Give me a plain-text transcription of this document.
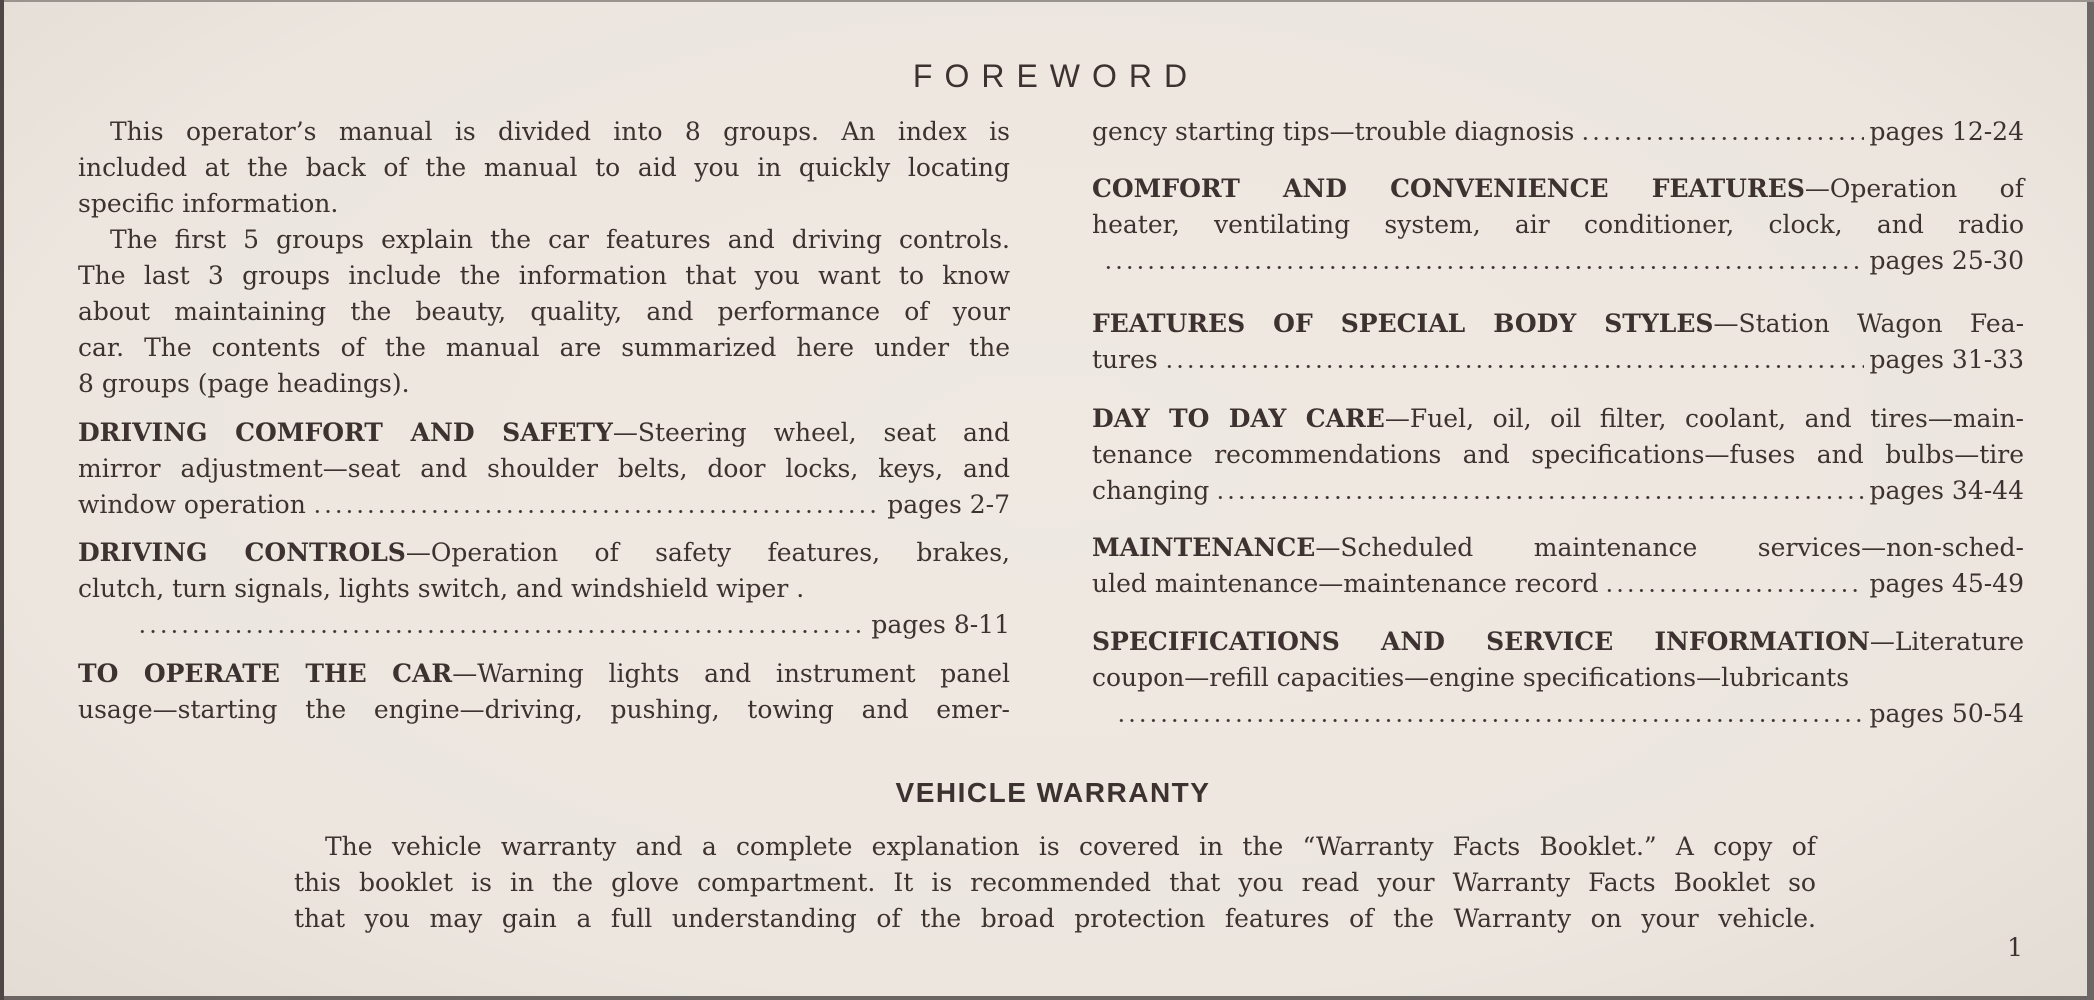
FOREWORD
This operator’s manual is divided into 8 groups. An index is
included at the back of the manual to aid you in quickly locating
specific information.
The first 5 groups explain the car features and driving controls.
The last 3 groups include the information that you want to know
about maintaining the beauty, quality, and performance of your
car. The contents of the manual are summarized here under the
8 groups (page headings).
DRIVING COMFORT AND SAFETY—Steering wheel, seat and
mirror adjustment—seat and shoulder belts, door locks, keys, and
window operation	pages 2-7
DRIVING CONTROLS—Operation of safety features, brakes,
clutch, turn signals, lights switch, and windshield wiper .
pages 8-11
TO OPERATE THE CAR—Warning lights and instrument panel
usage—starting the engine—driving, pushing, towing and emer-
gency starting tips—trouble diagnosis	pages 12-24
COMFORT AND CONVENIENCE FEATURES—Operation of
heater, ventilating system, air conditioner, clock, and radio
pages 25-30
FEATURES OF SPECIAL BODY STYLES—Station Wagon Fea-
tures	pages 31-33
DAY TO DAY CARE—Fuel, oil, oil filter, coolant, and tires—main-
tenance recommendations and specifications—fuses and bulbs—tire
changing	pages 34-44
MAINTENANCE—Scheduled maintenance services—non-sched-
uled maintenance—maintenance record	pages 45-49
SPECIFICATIONS AND SERVICE INFORMATION—Literature
coupon—refill capacities—engine specifications—lubricants
pages 50-54
VEHICLE WARRANTY
The vehicle warranty and a complete explanation is covered in the “Warranty Facts Booklet.” A copy of
this booklet is in the glove compartment. It is recommended that you read your Warranty Facts Booklet so
that you may gain a full understanding of the broad protection features of the Warranty on your vehicle.
1
